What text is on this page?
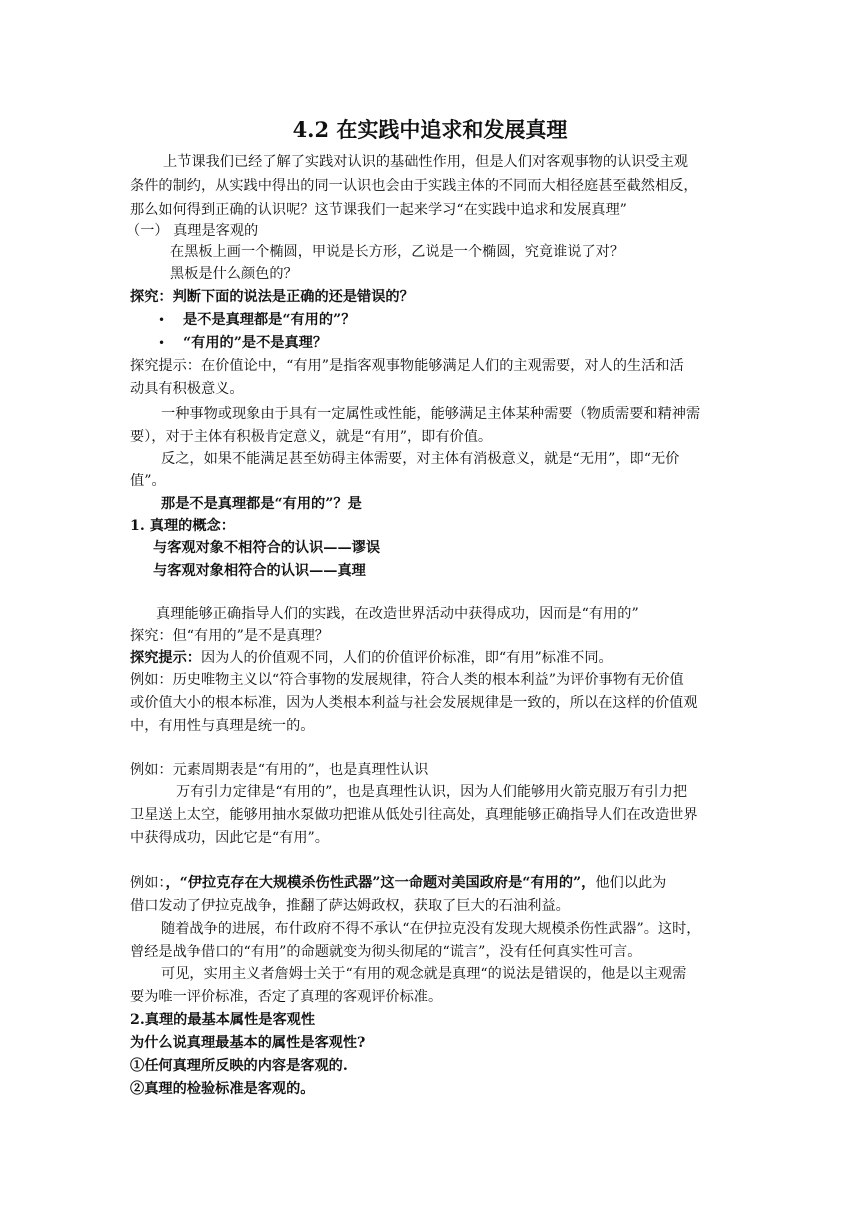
4.2 在实践中追求和发展真理
上节课我们已经了解了实践对认识的基础性作用，但是人们对客观事物的认识受主观
条件的制约，从实践中得出的同一认识也会由于实践主体的不同而大相径庭甚至截然相反，
那么如何得到正确的认识呢？这节课我们一起来学习“在实践中追求和发展真理”
（一） 真理是客观的
在黑板上画一个椭圆，甲说是长方形，乙说是一个椭圆，究竟谁说了对？
黑板是什么颜色的？
探究：判断下面的说法是正确的还是错误的？
• 是不是真理都是“有用的”？
• “有用的”是不是真理？
探究提示：在价值论中，“有用”是指客观事物能够满足人们的主观需要，对人的生活和活
动具有积极意义。
一种事物或现象由于具有一定属性或性能，能够满足主体某种需要（物质需要和精神需
要），对于主体有积极肯定意义，就是“有用”，即有价值。
反之，如果不能满足甚至妨碍主体需要，对主体有消极意义，就是“无用”，即“无价
值”。
那是不是真理都是“有用的”？是
1. 真理的概念：
与客观对象不相符合的认识——谬误
与客观对象相符合的认识——真理
真理能够正确指导人们的实践，在改造世界活动中获得成功，因而是“有用的”
探究：但“有用的”是不是真理？
探究提示：因为人的价值观不同，人们的价值评价标准，即“有用”标准不同。
例如：历史唯物主义以“符合事物的发展规律，符合人类的根本利益”为评价事物有无价值
或价值大小的根本标准，因为人类根本利益与社会发展规律是一致的，所以在这样的价值观
中，有用性与真理是统一的。
例如：元素周期表是“有用的”，也是真理性认识
万有引力定律是“有用的”，也是真理性认识，因为人们能够用火箭克服万有引力把
卫星送上太空，能够用抽水泵做功把谁从低处引往高处，真理能够正确指导人们在改造世界
中获得成功，因此它是“有用”。
例如：，“伊拉克存在大规模杀伤性武器”这一命题对美国政府是“有用的”，他们以此为
借口发动了伊拉克战争，推翻了萨达姆政权，获取了巨大的石油利益。
随着战争的进展，布什政府不得不承认“在伊拉克没有发现大规模杀伤性武器”。这时，
曾经是战争借口的“有用”的命题就变为彻头彻尾的“谎言”，没有任何真实性可言。
可见，实用主义者詹姆士关于“有用的观念就是真理“的说法是错误的，他是以主观需
要为唯一评价标准，否定了真理的客观评价标准。
2.真理的最基本属性是客观性
为什么说真理最基本的属性是客观性?
①任何真理所反映的内容是客观的.
②真理的检验标准是客观的。
